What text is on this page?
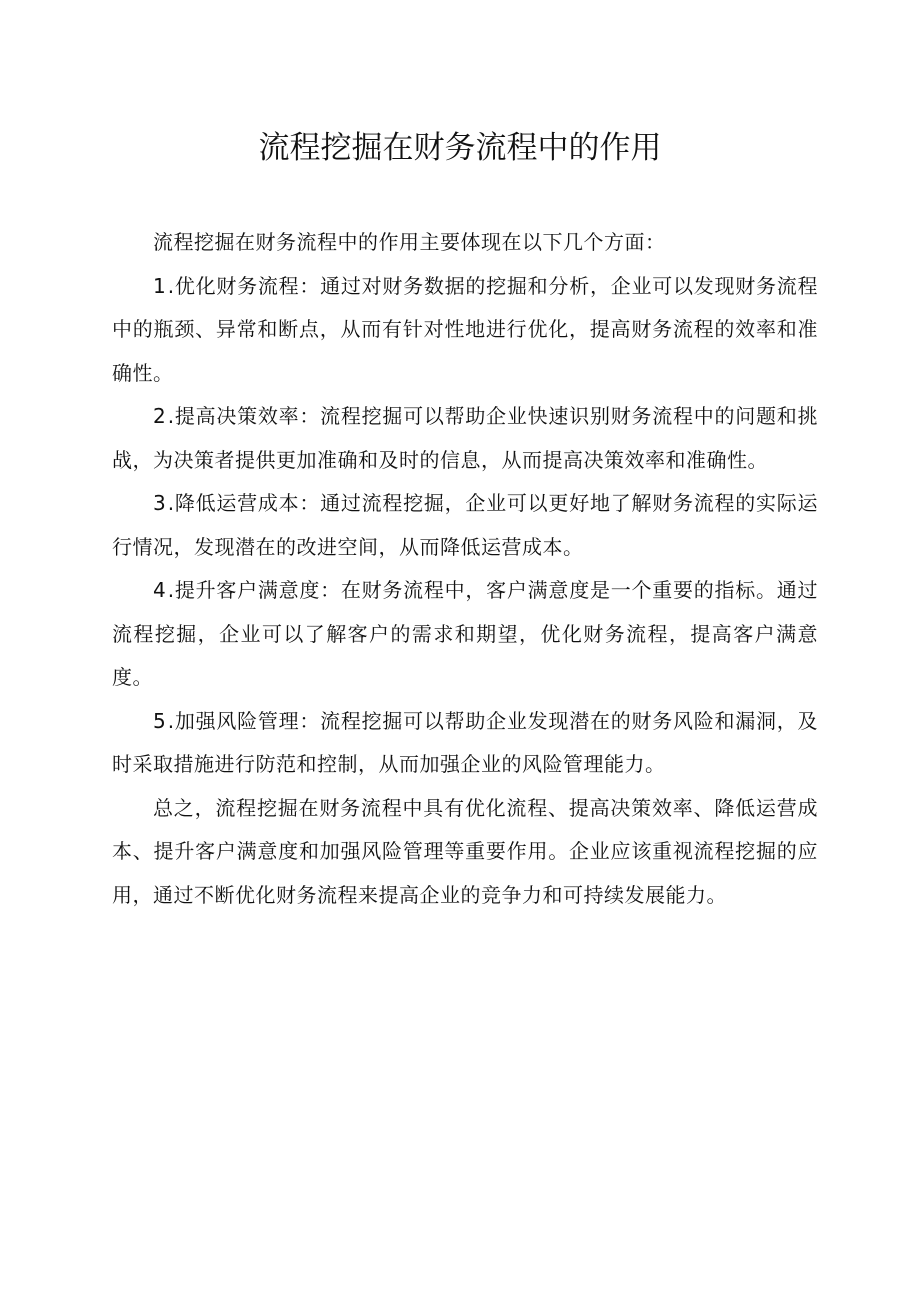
流程挖掘在财务流程中的作用

流程挖掘在财务流程中的作用主要体现在以下几个方面：

1.优化财务流程：通过对财务数据的挖掘和分析，企业可以发现财务流程中的瓶颈、异常和断点，从而有针对性地进行优化，提高财务流程的效率和准确性。

2.提高决策效率：流程挖掘可以帮助企业快速识别财务流程中的问题和挑战，为决策者提供更加准确和及时的信息，从而提高决策效率和准确性。

3.降低运营成本：通过流程挖掘，企业可以更好地了解财务流程的实际运行情况，发现潜在的改进空间，从而降低运营成本。

4.提升客户满意度：在财务流程中，客户满意度是一个重要的指标。通过流程挖掘，企业可以了解客户的需求和期望，优化财务流程，提高客户满意度。

5.加强风险管理：流程挖掘可以帮助企业发现潜在的财务风险和漏洞，及时采取措施进行防范和控制，从而加强企业的风险管理能力。

总之，流程挖掘在财务流程中具有优化流程、提高决策效率、降低运营成本、提升客户满意度和加强风险管理等重要作用。企业应该重视流程挖掘的应用，通过不断优化财务流程来提高企业的竞争力和可持续发展能力。
